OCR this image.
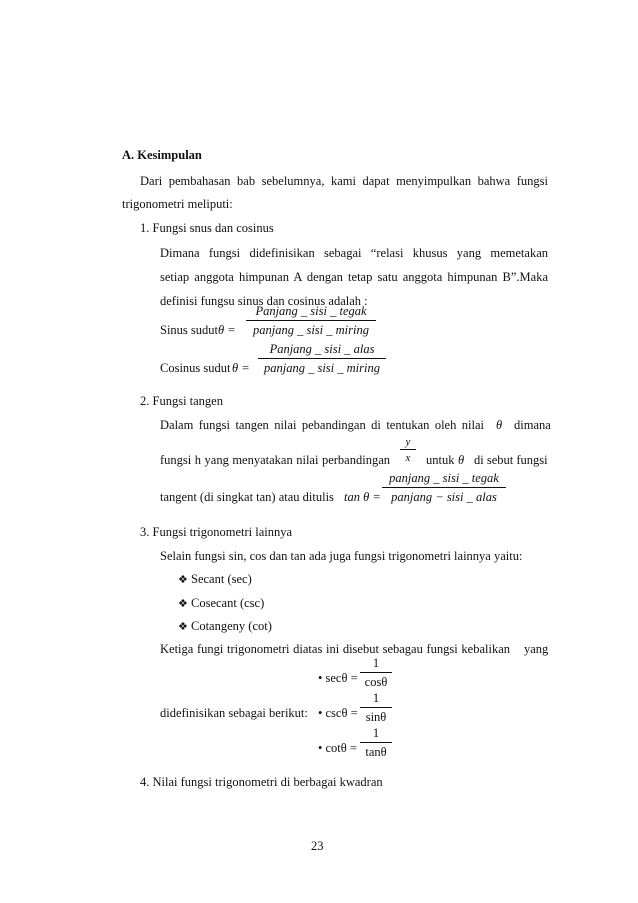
A. Kesimpulan
Dari pembahasan bab sebelumnya, kami dapat menyimpulkan bahwa fungsi
trigonometri meliputi:
1. Fungsi snus dan cosinus
Dimana fungsi didefinisikan sebagai “relasi khusus yang memetakan
setiap anggota himpunan A dengan tetap satu anggota himpunan B”.Maka
definisi fungsu sinus dan cosinus adalah :
Sinus sudut θ =
Panjang _ sisi _ tegak
panjang _ sisi _ miring
Cosinus sudut θ =
Panjang _ sisi _ alas
panjang _ sisi _ miring
2. Fungsi tangen
Dalam fungsi tangen nilai pebandingan di tentukan oleh nilai θ dimana
fungsi h yang menyatakan nilai perbandingan
y
x	untuk θ di sebut fungsi
tangent (di singkat tan) atau ditulis tan θ =
panjang _ sisi _ tegak
panjang − sisi _ alas
3. Fungsi trigonometri lainnya
Selain fungsi sin, cos dan tan ada juga fungsi trigonometri lainnya yaitu:
❖ Secant (sec)
❖ Cosecant (csc)
❖ Cotangeny (cot)
Ketiga fungi trigonometri diatas ini disebut sebagau fungsi kebalikan yang
• secθ =
1
cosθ
didefinisikan sebagai berikut: • cscθ =
1
sinθ
• cotθ =
1
tanθ
4. Nilai fungsi trigonometri di berbagai kwadran
23
